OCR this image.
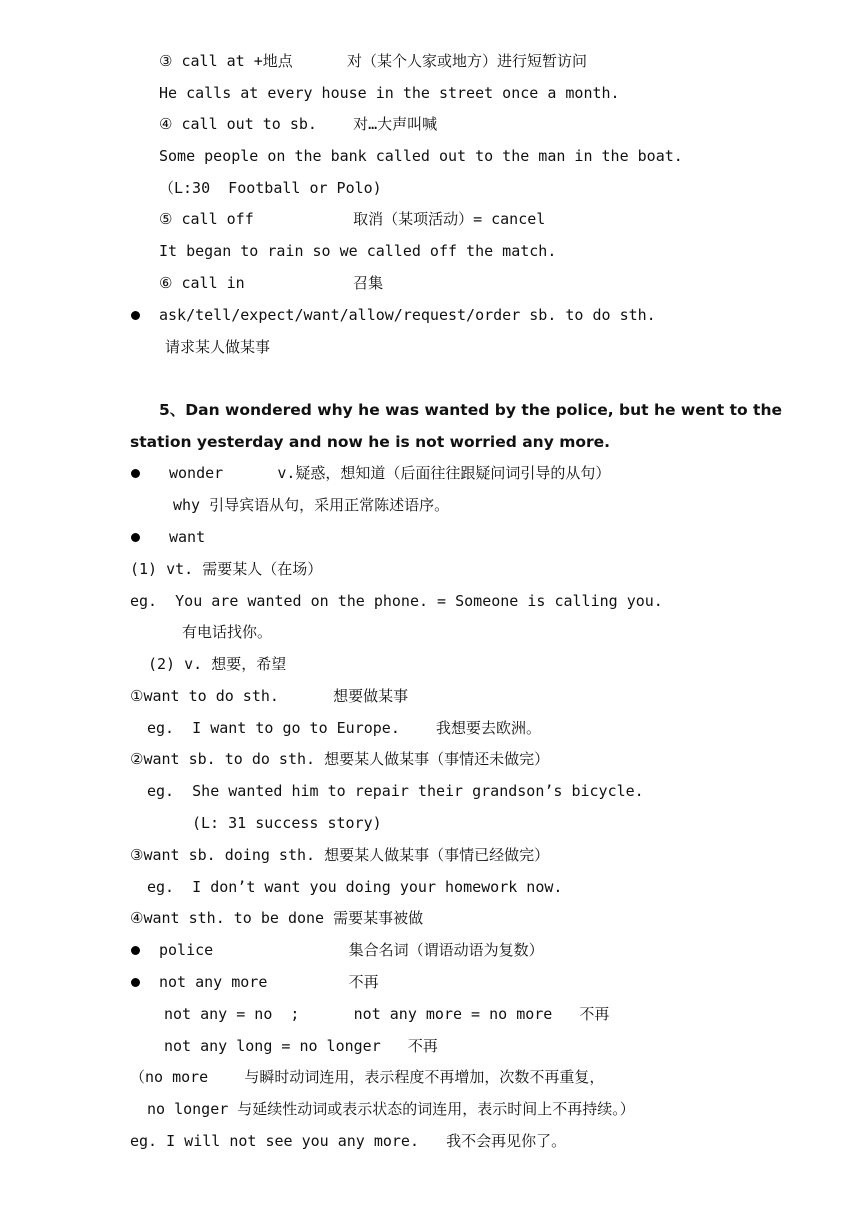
③ call at +地点      对（某个人家或地方）进行短暂访问
He calls at every house in the street once a month.
④ call out to sb.    对…大声叫喊
Some people on the bank called out to the man in the boat.
（L:30  Football or Polo)
⑤ call off           取消（某项活动）= cancel
It began to rain so we called off the match.
⑥ call in            召集
ask/tell/expect/want/allow/request/order sb. to do sth.
请求某人做某事
5、Dan wondered why he was wanted by the police, but he went to the
station yesterday and now he is not worried any more.
wonder      v.疑惑，想知道（后面往往跟疑问词引导的从句）
why 引导宾语从句，采用正常陈述语序。
want
(1) vt. 需要某人（在场）
eg.  You are wanted on the phone. = Someone is calling you.
有电话找你。
(2) v. 想要，希望
①want to do sth.      想要做某事
eg.  I want to go to Europe.    我想要去欧洲。
②want sb. to do sth. 想要某人做某事（事情还未做完）
eg.  She wanted him to repair their grandson’s bicycle.
(L: 31 success story)
③want sb. doing sth. 想要某人做某事（事情已经做完）
eg.  I don’t want you doing your homework now.
④want sth. to be done 需要某事被做
police               集合名词（谓语动语为复数）
not any more         不再
not any = no  ;      not any more = no more   不再
not any long = no longer   不再
（no more    与瞬时动词连用，表示程度不再增加，次数不再重复，
no longer 与延续性动词或表示状态的词连用，表示时间上不再持续。）
eg. I will not see you any more.   我不会再见你了。
